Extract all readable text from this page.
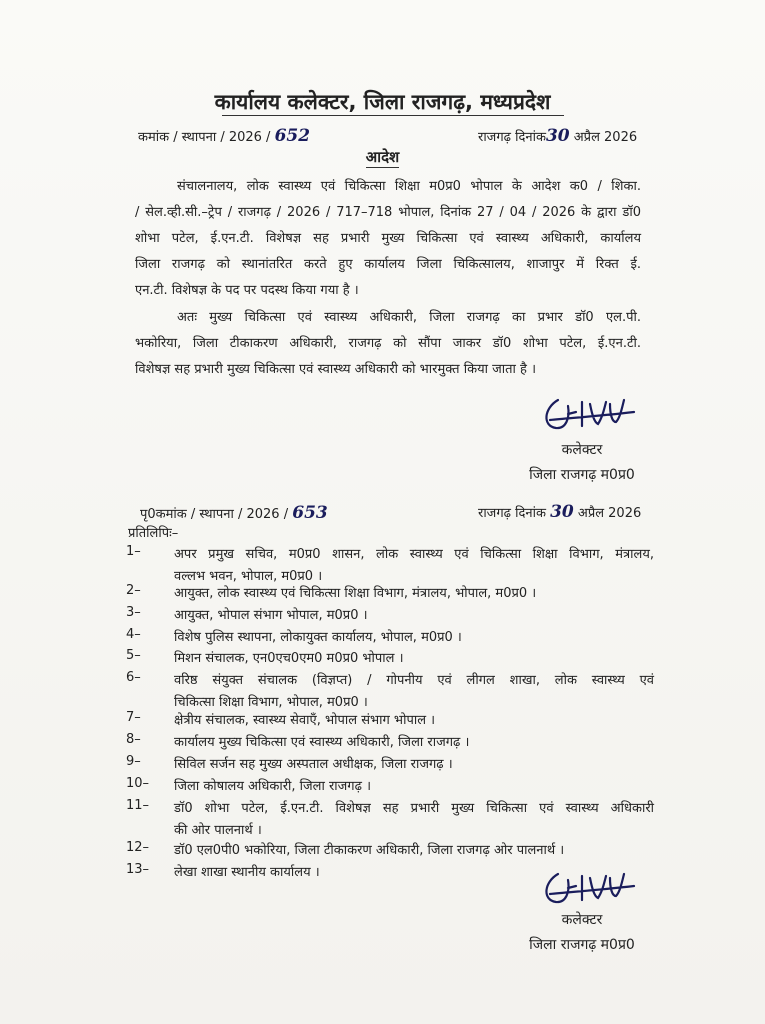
कार्यालय कलेक्टर, जिला राजगढ़, मध्यप्रदेश
कमांक / स्थापना / 2026 / 652	राजगढ़ दिनांक30 अप्रैल 2026
आदेश
संचालनालय, लोक स्वास्थ्य एवं चिकित्सा शिक्षा म0प्र0 भोपाल के आदेश क0 / शिका.
/ सेल.व्ही.सी.–ट्रेप / राजगढ़ / 2026 / 717–718 भोपाल, दिनांक 27 / 04 / 2026 के द्वारा डॉ0
शोभा पटेल, ई.एन.टी. विशेषज्ञ सह प्रभारी मुख्य चिकित्सा एवं स्वास्थ्य अधिकारी, कार्यालय
जिला राजगढ़ को स्थानांतरित करते हुए कार्यालय जिला चिकित्सालय, शाजापुर में रिक्त ई.
एन.टी. विशेषज्ञ के पद पर पदस्थ किया गया है ।
अतः मुख्य चिकित्सा एवं स्वास्थ्य अधिकारी, जिला राजगढ़ का प्रभार डॉ0 एल.पी.
भकोरिया, जिला टीकाकरण अधिकारी, राजगढ़ को सौंपा जाकर डॉ0 शोभा पटेल, ई.एन.टी.
विशेषज्ञ सह प्रभारी मुख्य चिकित्सा एवं स्वास्थ्य अधिकारी को भारमुक्त किया जाता है ।
कलेक्टर
जिला राजगढ़ म0प्र0
पृ0कमांक / स्थापना / 2026 / 653	राजगढ़ दिनांक 30 अप्रैल 2026
प्रतिलिपिः–
1–	अपर प्रमुख सचिव, म0प्र0 शासन, लोक स्वास्थ्य एवं चिकित्सा शिक्षा विभाग, मंत्रालय,
वल्लभ भवन, भोपाल, म0प्र0 ।
2–	आयुक्त, लोक स्वास्थ्य एवं चिकित्सा शिक्षा विभाग, मंत्रालय, भोपाल, म0प्र0 ।
3–	आयुक्त, भोपाल संभाग भोपाल, म0प्र0 ।
4–	विशेष पुलिस स्थापना, लोकायुक्त कार्यालय, भोपाल, म0प्र0 ।
5–	मिशन संचालक, एन0एच0एम0 म0प्र0 भोपाल ।
6–	वरिष्ठ संयुक्त संचालक (विज्ञप्त) / गोपनीय एवं लीगल शाखा, लोक स्वास्थ्य एवं
चिकित्सा शिक्षा विभाग, भोपाल, म0प्र0 ।
7–	क्षेत्रीय संचालक, स्वास्थ्य सेवाएँ, भोपाल संभाग भोपाल ।
8–	कार्यालय मुख्य चिकित्सा एवं स्वास्थ्य अधिकारी, जिला राजगढ़ ।
9–	सिविल सर्जन सह मुख्य अस्पताल अधीक्षक, जिला राजगढ़ ।
10–	जिला कोषालय अधिकारी, जिला राजगढ़ ।
11–	डॉ0 शोभा पटेल, ई.एन.टी. विशेषज्ञ सह प्रभारी मुख्य चिकित्सा एवं स्वास्थ्य अधिकारी
की ओर पालनार्थ ।
12–	डॉ0 एल0पी0 भकोरिया, जिला टीकाकरण अधिकारी, जिला राजगढ़ ओर पालनार्थ ।
13–	लेखा शाखा स्थानीय कार्यालय ।
कलेक्टर
जिला राजगढ़ म0प्र0
